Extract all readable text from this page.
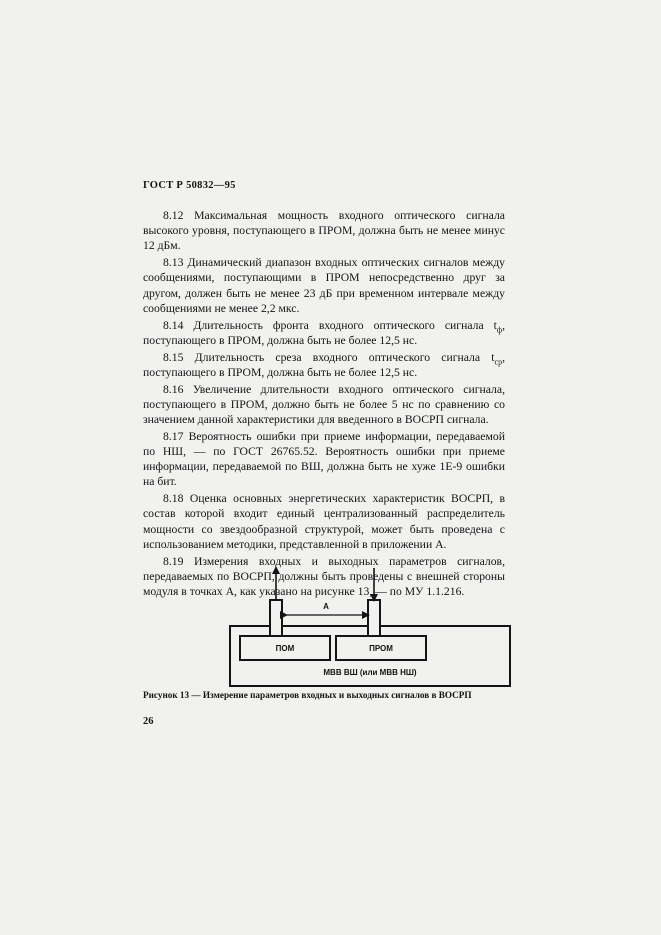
ГОСТ Р 50832—95

8.12 Максимальная мощность входного оптического сигнала высокого уровня, поступающего в ПРОМ, должна быть не менее минус 12 дБм.

8.13 Динамический диапазон входных оптических сигналов между сообщениями, поступающими в ПРОМ непосредственно друг за другом, должен быть не менее 23 дБ при временном интервале между сообщениями не менее 2,2 мкс.

8.14 Длительность фронта входного оптического сигнала $t_ф$, поступающего в ПРОМ, должна быть не более 12,5 нс.

8.15 Длительность среза входного оптического сигнала $t_{ср}$, поступающего в ПРОМ, должна быть не более 12,5 нс.

8.16 Увеличение длительности входного оптического сигнала, поступающего в ПРОМ, должно быть не более 5 нс по сравнению со значением данной характеристики для введенного в ВОСРП сигнала.

8.17 Вероятность ошибки при приеме информации, передаваемой по НШ, — по ГОСТ 26765.52. Вероятность ошибки при приеме информации, передаваемой по ВШ, должна быть не хуже 1E-9 ошибки на бит.

8.18 Оценка основных энергетических характеристик ВОСРП, в состав которой входит единый централизованный распределитель мощности со звездообразной структурой, может быть проведена с использованием методики, представленной в приложении А.

8.19 Измерения входных и выходных параметров сигналов, передаваемых по ВОСРП, должны быть проведены с внешней стороны модуля в точках А, как указано на рисунке 13, — по МУ 1.1.216.

А
ПОМ	ПРОМ
МВВ ВШ (или МВВ НШ)
Рисунок 13 — Измерение параметров входных и выходных сигналов в ВОСРП
26
